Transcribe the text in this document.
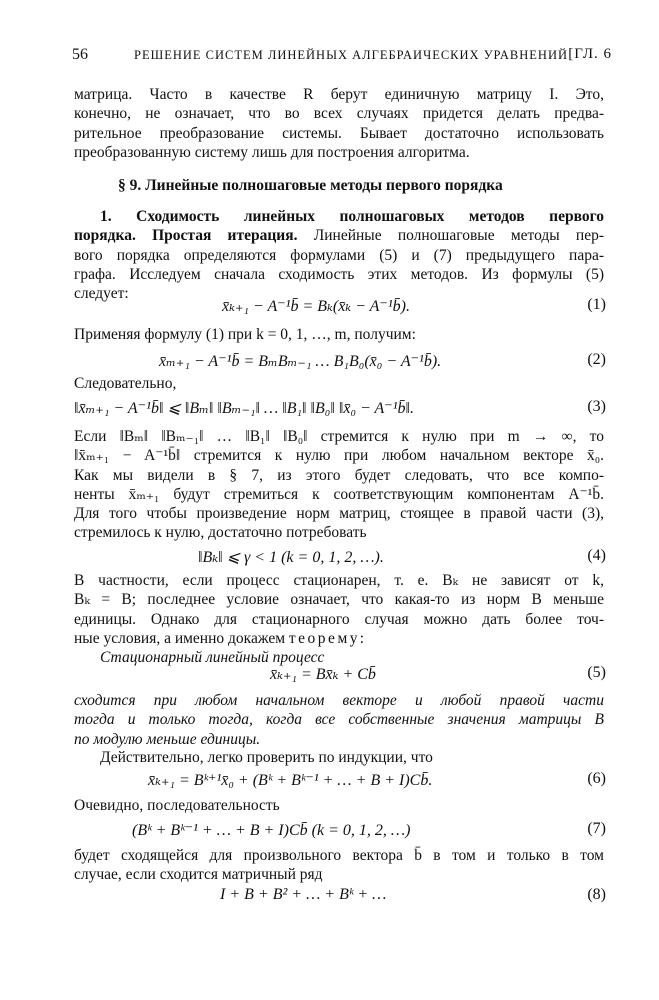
56	РЕШЕНИЕ СИСТЕМ ЛИНЕЙНЫХ АЛГЕБРАИЧЕСКИХ УРАВНЕНИЙ [ГЛ. 6
матрица. Часто в качестве R берут единичную матрицу I. Это,
конечно, не означает, что во всех случаях придется делать предва-
рительное преобразование системы. Бывает достаточно использовать
преобразованную систему лишь для построения алгоритма.
§ 9. Линейные полношаговые методы первого порядка
1. Сходимость линейных полношаговых методов первого
порядка. Простая итерация. Линейные полношаговые методы пер-
вого порядка определяются формулами (5) и (7) предыдущего пара-
графа. Исследуем сначала сходимость этих методов. Из формулы (5)
следует:
x̄ₖ₊₁ − A⁻¹b̄ = Bₖ(x̄ₖ − A⁻¹b̄).	(1)
Применяя формулу (1) при k = 0, 1, …, m, получим:
x̄ₘ₊₁ − A⁻¹b̄ = BₘBₘ₋₁ … B₁B₀(x̄₀ − A⁻¹b̄).	(2)
Следовательно,
‖x̄ₘ₊₁ − A⁻¹b̄‖ ⩽ ‖Bₘ‖ ‖Bₘ₋₁‖ … ‖B₁‖ ‖B₀‖ ‖x̄₀ − A⁻¹b̄‖.	(3)
Если ‖Bₘ‖ ‖Bₘ₋₁‖ … ‖B₁‖ ‖B₀‖ стремится к нулю при m → ∞, то
‖x̄ₘ₊₁ − A⁻¹b̄‖ стремится к нулю при любом начальном векторе x̄₀.
Как мы видели в § 7, из этого будет следовать, что все компо-
ненты x̄ₘ₊₁ будут стремиться к соответствующим компонентам A⁻¹b̄.
Для того чтобы произведение норм матриц, стоящее в правой части (3),
стремилось к нулю, достаточно потребовать
‖Bₖ‖ ⩽ γ < 1 (k = 0, 1, 2, …).	(4)
В частности, если процесс стационарен, т. е. Bₖ не зависят от k,
Bₖ = B; последнее условие означает, что какая-то из норм B меньше
единицы. Однако для стационарного случая можно дать более точ-
ные условия, а именно докажем теорему:
Стационарный линейный процесс
x̄ₖ₊₁ = Bx̄ₖ + Cb̄	(5)
сходится при любом начальном векторе и любой правой части
тогда и только тогда, когда все собственные значения матрицы B
по модулю меньше единицы.
Действительно, легко проверить по индукции, что
x̄ₖ₊₁ = Bᵏ⁺¹x̄₀ + (Bᵏ + Bᵏ⁻¹ + … + B + I)Cb̄.	(6)
Очевидно, последовательность
(Bᵏ + Bᵏ⁻¹ + … + B + I)Cb̄ (k = 0, 1, 2, …)	(7)
будет сходящейся для произвольного вектора b̄ в том и только в том
случае, если сходится матричный ряд
I + B + B² + … + Bᵏ + …	(8)
